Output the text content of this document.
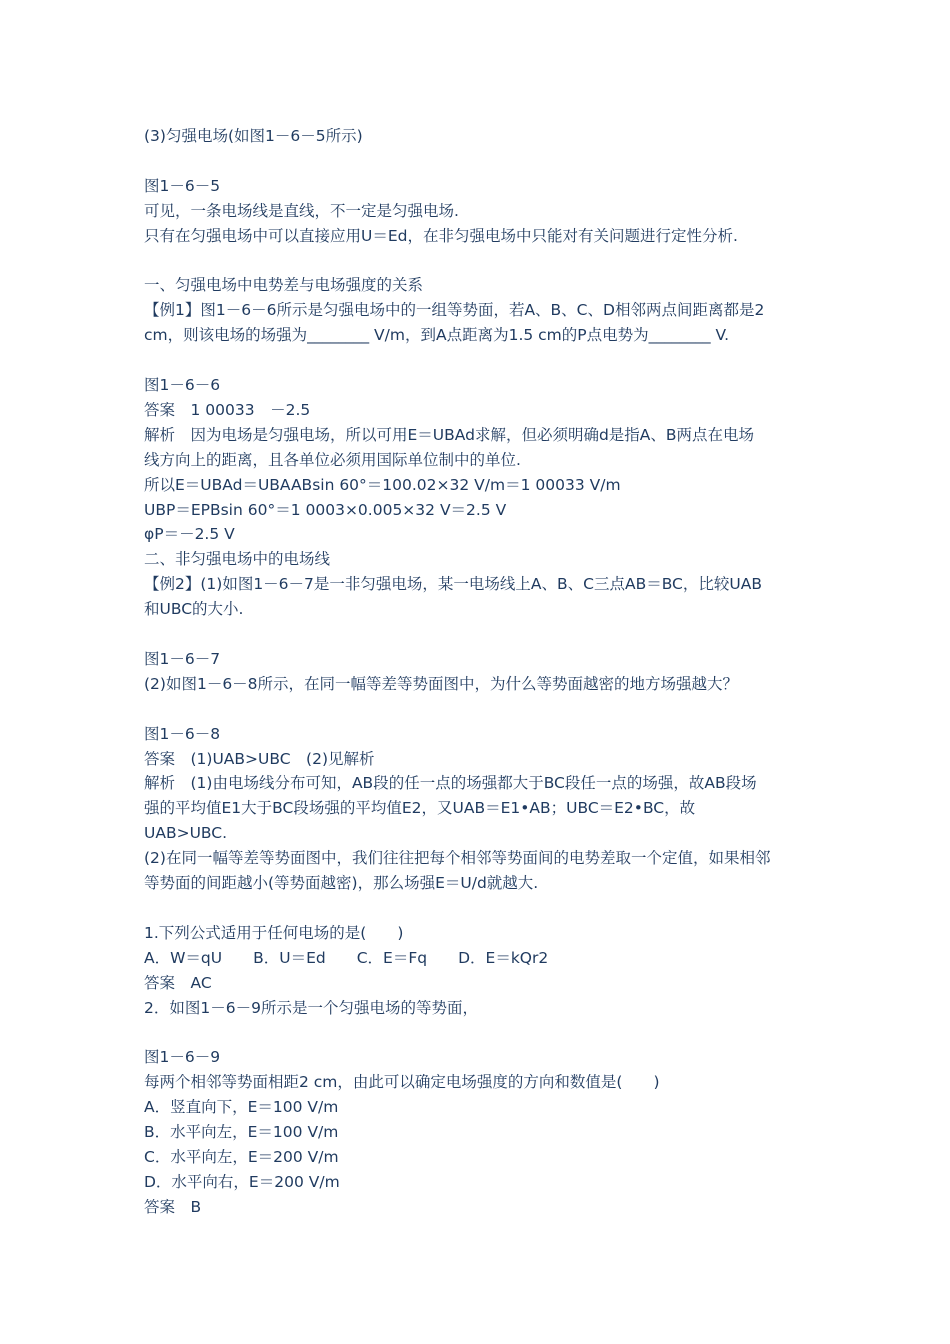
(3)匀强电场(如图1－6－5所示)
图1－6－5
可见，一条电场线是直线，不一定是匀强电场.
只有在匀强电场中可以直接应用U＝Ed，在非匀强电场中只能对有关问题进行定性分析.
一、匀强电场中电势差与电场强度的关系
【例1】图1－6－6所示是匀强电场中的一组等势面，若A、B、C、D相邻两点间距离都是2
cm，则该电场的场强为________ V/m，到A点距离为1.5 cm的P点电势为________ V.
图1－6－6
答案　1 00033　－2.5
解析　因为电场是匀强电场，所以可用E＝UBAd求解，但必须明确d是指A、B两点在电场
线方向上的距离，且各单位必须用国际单位制中的单位.
所以E＝UBAd＝UBAABsin 60°＝100.02×32 V/m＝1 00033 V/m
UBP＝EPBsin 60°＝1 0003×0.005×32 V＝2.5 V
φP＝－2.5 V
二、非匀强电场中的电场线
【例2】(1)如图1－6－7是一非匀强电场，某一电场线上A、B、C三点AB＝BC，比较UAB
和UBC的大小.
图1－6－7
(2)如图1－6－8所示，在同一幅等差等势面图中，为什么等势面越密的地方场强越大？
图1－6－8
答案　(1)UAB>UBC　(2)见解析
解析　(1)由电场线分布可知，AB段的任一点的场强都大于BC段任一点的场强，故AB段场
强的平均值E1大于BC段场强的平均值E2，又UAB＝E1•AB；UBC＝E2•BC，故
UAB>UBC.
(2)在同一幅等差等势面图中，我们往往把每个相邻等势面间的电势差取一个定值，如果相邻
等势面的间距越小(等势面越密)，那么场强E＝U/d就越大.
1.下列公式适用于任何电场的是(　　)
A．W＝qU　　B．U＝Ed　　C．E＝Fq　　D．E＝kQr2
答案　AC
2．如图1－6－9所示是一个匀强电场的等势面，
图1－6－9
每两个相邻等势面相距2 cm，由此可以确定电场强度的方向和数值是(　　)
A．竖直向下，E＝100 V/m
B．水平向左，E＝100 V/m
C．水平向左，E＝200 V/m
D．水平向右，E＝200 V/m
答案　B
